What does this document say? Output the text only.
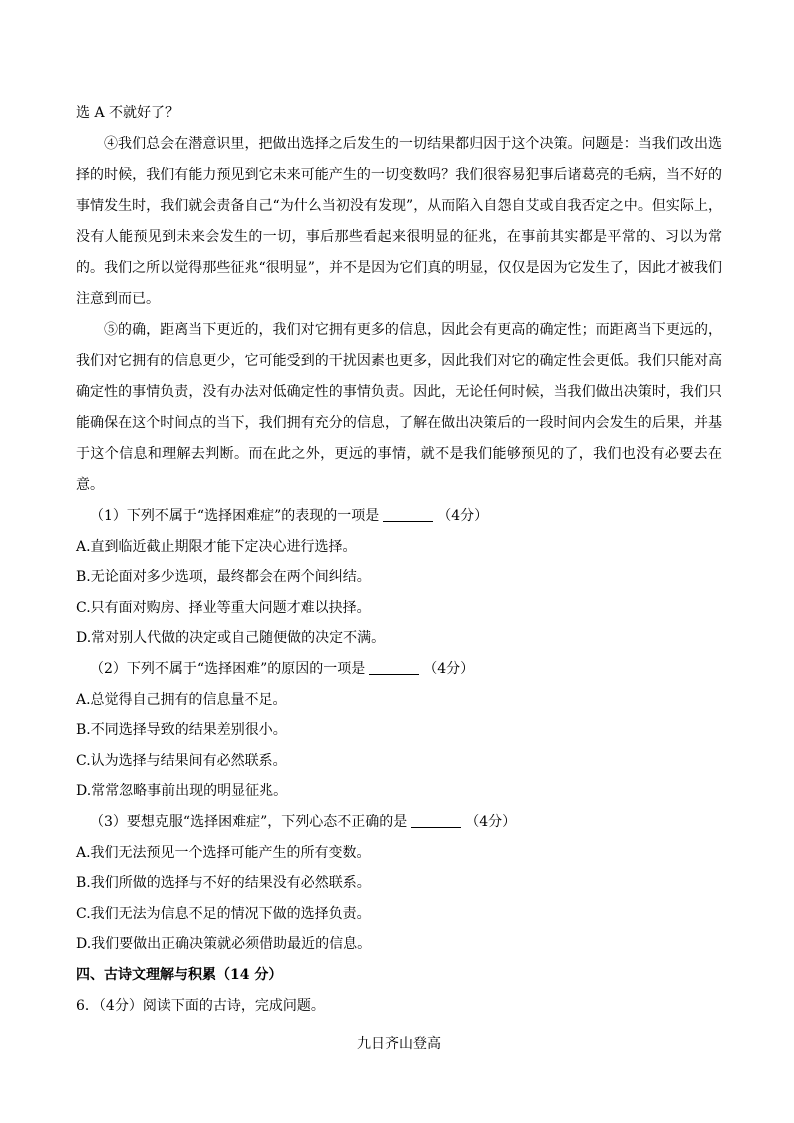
选 A 不就好了？

④我们总会在潜意识里，把做出选择之后发生的一切结果都归因于这个决策。问题是：当我们改出选择的时候，我们有能力预见到它未来可能产生的一切变数吗？我们很容易犯事后诸葛亮的毛病，当不好的事情发生时，我们就会责备自己“为什么当初没有发现”，从而陷入自怨自艾或自我否定之中。但实际上，没有人能预见到未来会发生的一切，事后那些看起来很明显的征兆，在事前其实都是平常的、习以为常的。我们之所以觉得那些征兆“很明显”，并不是因为它们真的明显，仅仅是因为它发生了，因此才被我们注意到而已。

⑤的确，距离当下更近的，我们对它拥有更多的信息，因此会有更高的确定性；而距离当下更远的，我们对它拥有的信息更少，它可能受到的干扰因素也更多，因此我们对它的确定性会更低。我们只能对高确定性的事情负责，没有办法对低确定性的事情负责。因此，无论任何时候，当我们做出决策时，我们只能确保在这个时间点的当下，我们拥有充分的信息，了解在做出决策后的一段时间内会发生的后果，并基于这个信息和理解去判断。而在此之外，更远的事情，就不是我们能够预见的了，我们也没有必要去在意。

（1）下列不属于“选择困难症”的表现的一项是	（4分）

A.直到临近截止期限才能下定决心进行选择。

B.无论面对多少选项，最终都会在两个间纠结。

C.只有面对购房、择业等重大问题才难以抉择。

D.常对别人代做的决定或自己随便做的决定不满。

（2）下列不属于“选择困难”的原因的一项是	（4分）

A.总觉得自己拥有的信息量不足。

B.不同选择导致的结果差别很小。

C.认为选择与结果间有必然联系。

D.常常忽略事前出现的明显征兆。

（3）要想克服“选择困难症”，下列心态不正确的是	（4分）

A.我们无法预见一个选择可能产生的所有变数。

B.我们所做的选择与不好的结果没有必然联系。

C.我们无法为信息不足的情况下做的选择负责。

D.我们要做出正确决策就必须借助最近的信息。

四、古诗文理解与积累（14 分）

6．（4分）阅读下面的古诗，完成问题。

九日齐山登高
